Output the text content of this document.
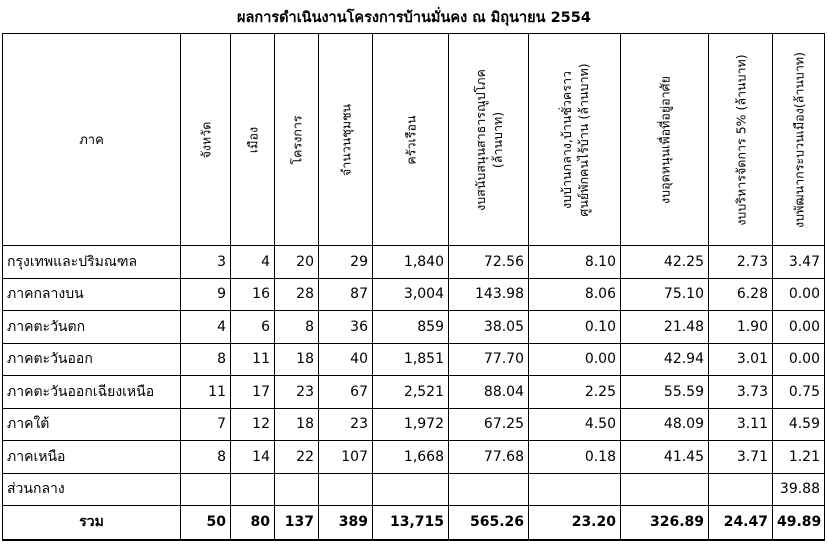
ผลการดำเนินงานโครงการบ้านมั่นคง ณ มิถุนายน 2554
ภาค	จังหวัด	เมือง	โครงการ	จำนวนชุมชน	ครัวเรือน	งบสนับสนุนสาธารณูปโภค (ล้านบาท)	งบบ้านกลาง,บ้านชั่วคราว ศูนย์พักคนไร้บ้าน (ล้านบาท)	งบอุดหนุนเพื่อที่อยู่อาศัย	งบบริหารจัดการ 5% (ล้านบาท)	งบพัฒนากระบวนเมือง(ล้านบาท)

กรุงเทพและปริมณฑล	3	4	20	29	1,840	72.56	8.10	42.25	2.73	3.47
ภาคกลางบน	9	16	28	87	3,004	143.98	8.06	75.10	6.28	0.00
ภาคตะวันตก	4	6	8	36	859	38.05	0.10	21.48	1.90	0.00
ภาคตะวันออก	8	11	18	40	1,851	77.70	0.00	42.94	3.01	0.00
ภาคตะวันออกเฉียงเหนือ	11	17	23	67	2,521	88.04	2.25	55.59	3.73	0.75
ภาคใต้	7	12	18	23	1,972	67.25	4.50	48.09	3.11	4.59
ภาคเหนือ	8	14	22	107	1,668	77.68	0.18	41.45	3.71	1.21
ส่วนกลาง										39.88
รวม	50	80	137	389	13,715	565.26	23.20	326.89	24.47	49.89
